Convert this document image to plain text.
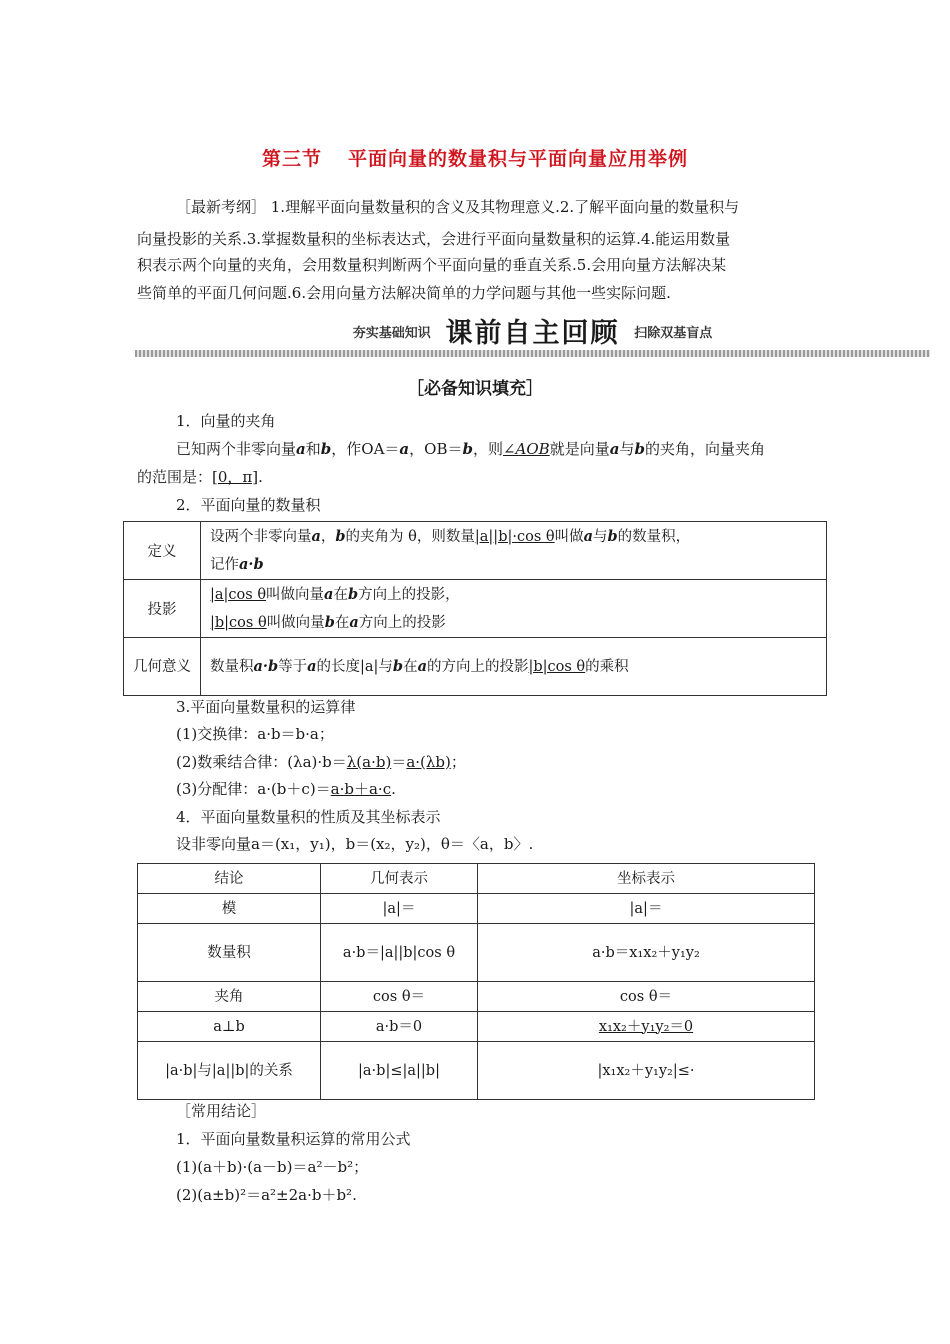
第三节 平面向量的数量积与平面向量应用举例
［最新考纲］ 1.理解平面向量数量积的含义及其物理意义.2.了解平面向量的数量积与
向量投影的关系.3.掌握数量积的坐标表达式，会进行平面向量数量积的运算.4.能运用数量
积表示两个向量的夹角，会用数量积判断两个平面向量的垂直关系.5.会用向量方法解决某
些简单的平面几何问题.6.会用向量方法解决简单的力学问题与其他一些实际问题.
夯实基础知识 课前自主回顾 扫除双基盲点
［必备知识填充］
1．向量的夹角
已知两个非零向量a和b，作OA＝a，OB＝b，则∠AOB就是向量a与b的夹角，向量夹角
的范围是：[0，π].
2．平面向量的数量积
定义	设两个非零向量a，b的夹角为 θ，则数量|a||b|·cos θ叫做a与b的数量积，
记作a·b

投影	|a|cos θ叫做向量a在b方向上的投影，
|b|cos θ叫做向量b在a方向上的投影

几何意义	数量积a·b等于a的长度|a|与b在a的方向上的投影|b|cos θ的乘积
3.平面向量数量积的运算律
(1)交换律：a·b＝b·a；
(2)数乘结合律：(λa)·b＝λ(a·b)＝a·(λb)；
(3)分配律：a·(b＋c)＝a·b＋a·c.
4．平面向量数量积的性质及其坐标表示
设非零向量a＝(x₁，y₁)，b＝(x₂，y₂)，θ＝〈a，b〉.
结论	几何表示	坐标表示
模	|a|＝	|a|＝
数量积	a·b＝|a||b|cos θ	a·b＝x₁x₂＋y₁y₂
夹角	cos θ＝	cos θ＝
a⊥b	a·b＝0	x₁x₂＋y₁y₂＝0
|a·b|与|a||b|的关系	|a·b|≤|a||b|	|x₁x₂＋y₁y₂|≤·
［常用结论］
1．平面向量数量积运算的常用公式
(1)(a＋b)·(a－b)＝a²－b²；
(2)(a±b)²＝a²±2a·b＋b².
